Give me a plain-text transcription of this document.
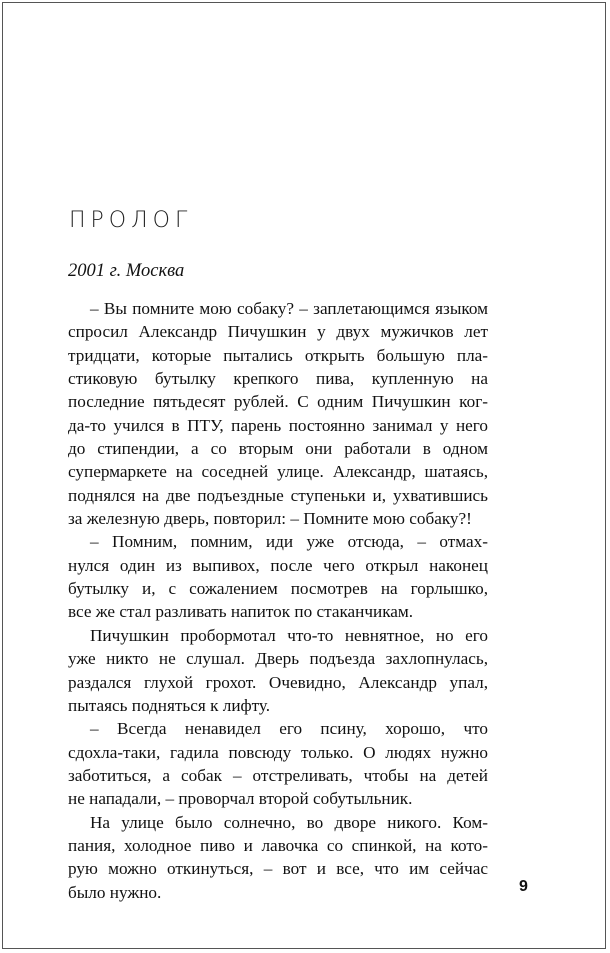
ПРОЛОГ
2001 г. Москва
– Вы помните мою собаку? – заплетающимся языком
спросил Александр Пичушкин у двух мужичков лет
тридцати, которые пытались открыть большую пла-
стиковую бутылку крепкого пива, купленную на
последние пятьдесят рублей. С одним Пичушкин ког-
да-то учился в ПТУ, парень постоянно занимал у него
до стипендии, а со вторым они работали в одном
супермаркете на соседней улице. Александр, шатаясь,
поднялся на две подъездные ступеньки и, ухватившись
за железную дверь, повторил: – Помните мою собаку?!
– Помним, помним, иди уже отсюда, – отмах-
нулся один из выпивох, после чего открыл наконец
бутылку и, с сожалением посмотрев на горлышко,
все же стал разливать напиток по стаканчикам.
Пичушкин пробормотал что-то невнятное, но его
уже никто не слушал. Дверь подъезда захлопнулась,
раздался глухой грохот. Очевидно, Александр упал,
пытаясь подняться к лифту.
– Всегда ненавидел его псину, хорошо, что
сдохла-таки, гадила повсюду только. О людях нужно
заботиться, а собак – отстреливать, чтобы на детей
не нападали, – проворчал второй собутыльник.
На улице было солнечно, во дворе никого. Ком-
пания, холодное пиво и лавочка со спинкой, на кото-
рую можно откинуться, – вот и все, что им сейчас
было нужно.	9
